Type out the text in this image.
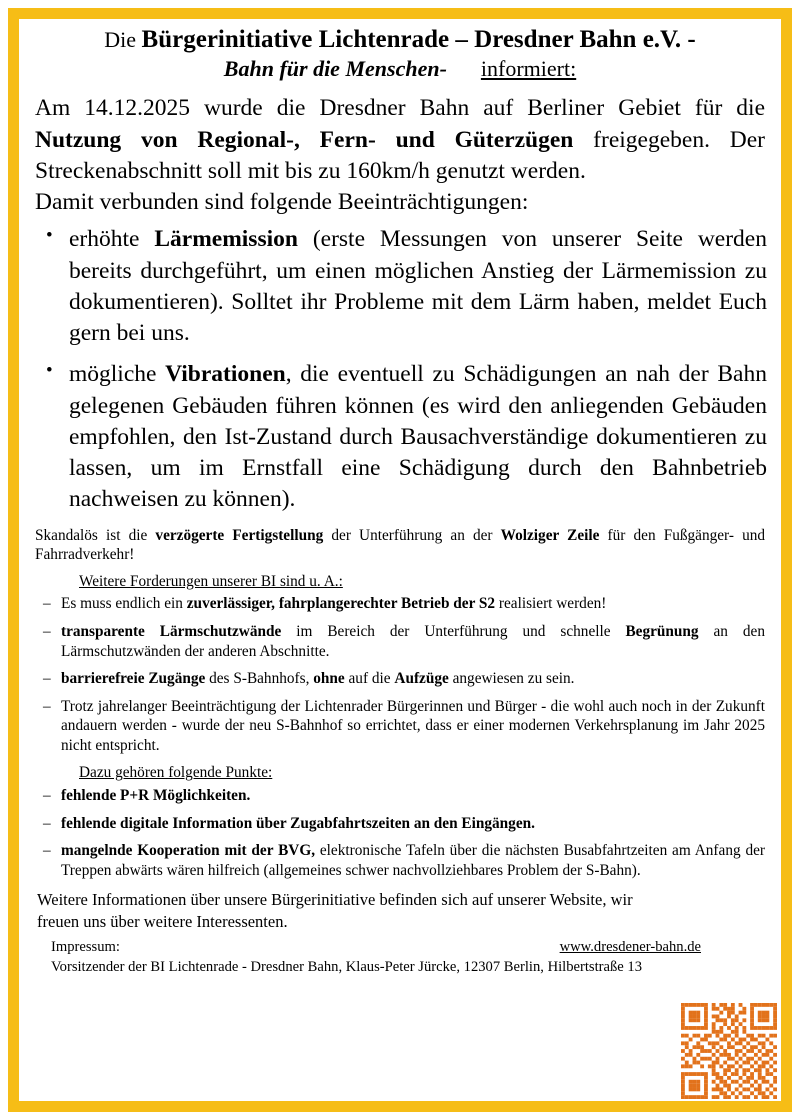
Die Bürgerinitiative Lichtenrade – Dresdner Bahn e.V. -
Bahn für die Menschen- informiert:

Am 14.12.2025 wurde die Dresdner Bahn auf Berliner Gebiet für die Nutzung von Regional-, Fern- und Güterzügen freigegeben. Der Streckenabschnitt soll mit bis zu 160km/h genutzt werden.

Damit verbunden sind folgende Beeinträchtigungen:

• erhöhte Lärmemission (erste Messungen von unserer Seite werden bereits durchgeführt, um einen möglichen Anstieg der Lärmemission zu dokumentieren). Solltet ihr Probleme mit dem Lärm haben, meldet Euch gern bei uns.
• mögliche Vibrationen, die eventuell zu Schädigungen an nah der Bahn gelegenen Gebäuden führen können (es wird den anliegenden Gebäuden empfohlen, den Ist-Zustand durch Bausachverständige dokumentieren zu lassen, um im Ernstfall eine Schädigung durch den Bahnbetrieb nachweisen zu können).
Skandalös ist die verzögerte Fertigstellung der Unterführung an der Wolziger Zeile für den Fußgänger- und Fahrradverkehr!
Weitere Forderungen unserer BI sind u. A.:
– Es muss endlich ein zuverlässiger, fahrplangerechter Betrieb der S2 realisiert werden!
– transparente Lärmschutzwände im Bereich der Unterführung und schnelle Begrünung an den Lärmschutzwänden der anderen Abschnitte.
– barrierefreie Zugänge des S-Bahnhofs, ohne auf die Aufzüge angewiesen zu sein.
– Trotz jahrelanger Beeinträchtigung der Lichtenrader Bürgerinnen und Bürger - die wohl auch noch in der Zukunft andauern werden - wurde der neu S-Bahnhof so errichtet, dass er einer modernen Verkehrsplanung im Jahr 2025 nicht entspricht.
Dazu gehören folgende Punkte:
– fehlende P+R Möglichkeiten.
– fehlende digitale Information über Zugabfahrtszeiten an den Eingängen.
– mangelnde Kooperation mit der BVG, elektronische Tafeln über die nächsten Busabfahrtzeiten am Anfang der Treppen abwärts wären hilfreich (allgemeines schwer nachvollziehbares Problem der S-Bahn).
Weitere Informationen über unsere Bürgerinitiative befinden sich auf unserer Website, wir freuen uns über weitere Interessenten.
Impressum:	www.dresdener-bahn.de
Vorsitzender der BI Lichtenrade - Dresdner Bahn, Klaus-Peter Jürcke, 12307 Berlin, Hilbertstraße 13
